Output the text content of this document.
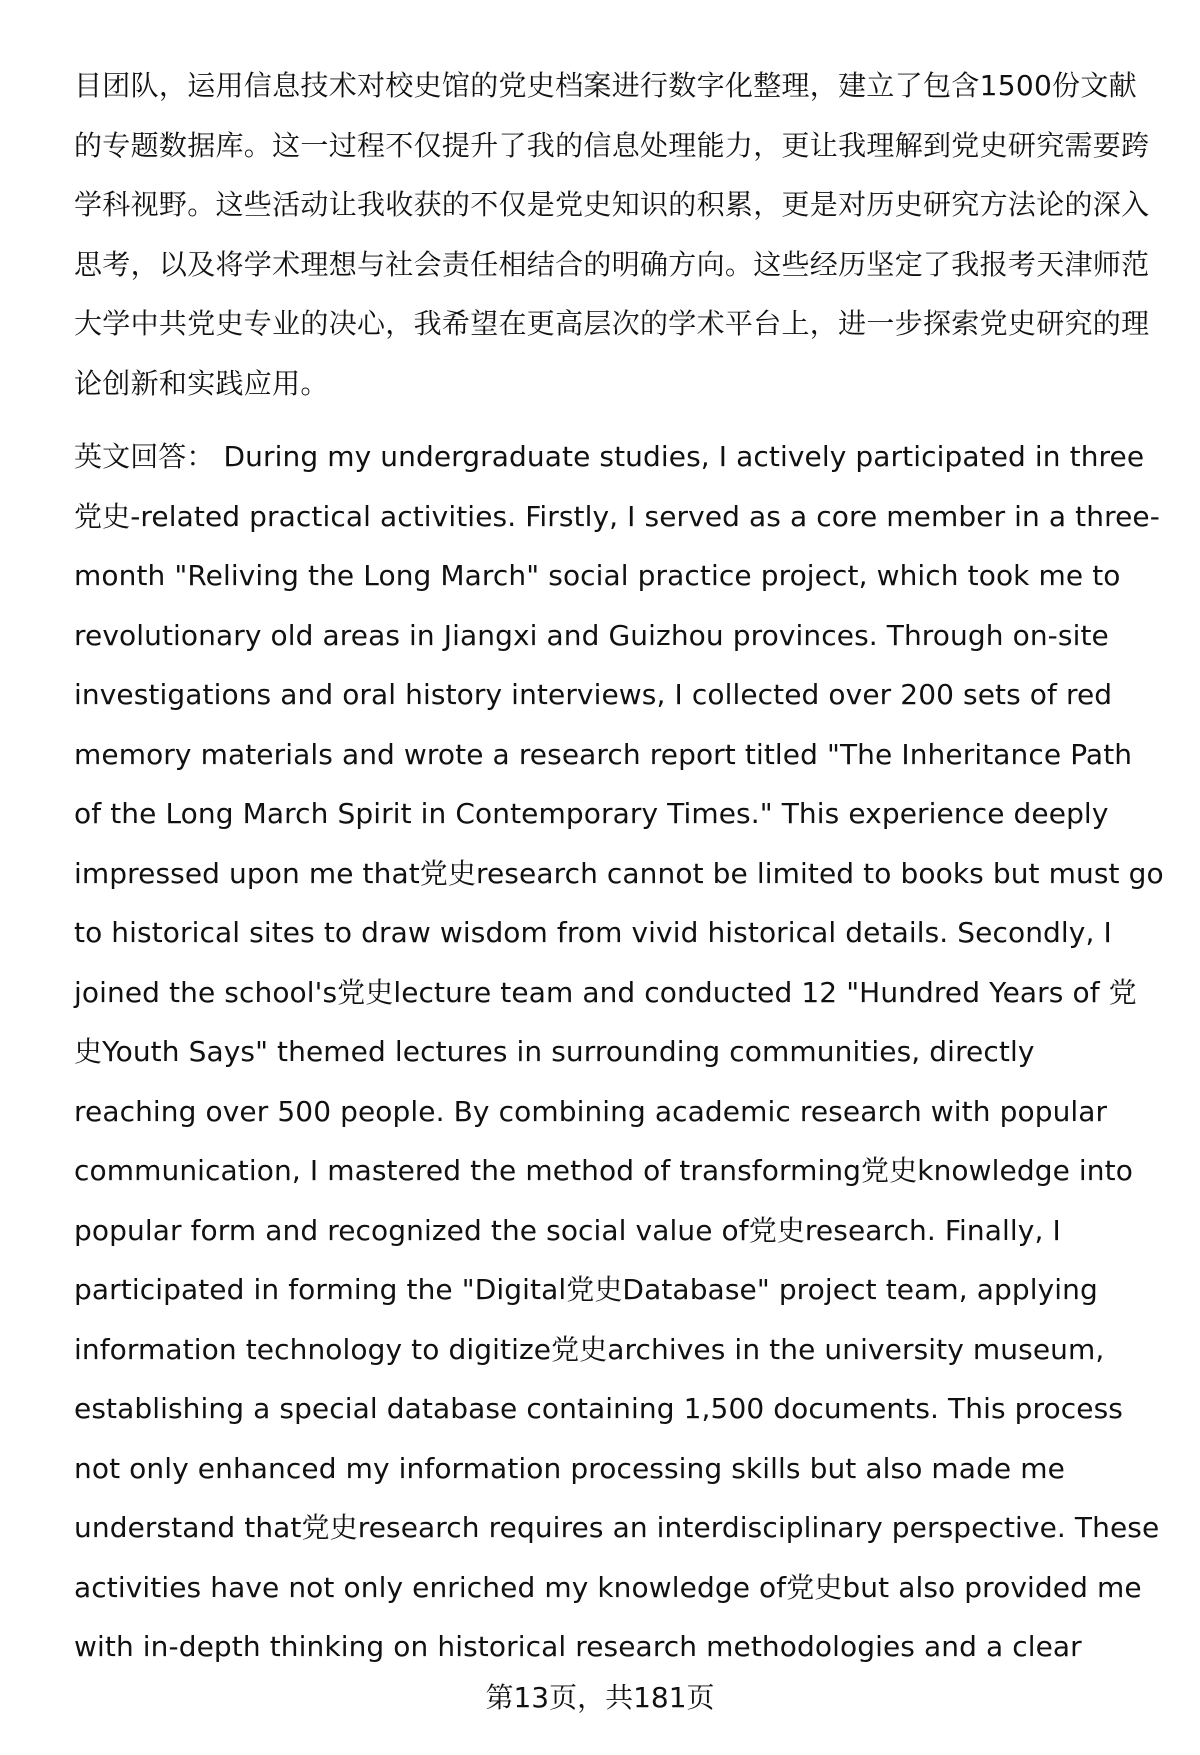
目团队，运用信息技术对校史馆的党史档案进行数字化整理，建立了包含1500份文献的专题数据库。这一过程不仅提升了我的信息处理能力，更让我理解到党史研究需要跨学科视野。这些活动让我收获的不仅是党史知识的积累，更是对历史研究方法论的深入思考，以及将学术理想与社会责任相结合的明确方向。这些经历坚定了我报考天津师范大学中共党史专业的决心，我希望在更高层次的学术平台上，进一步探索党史研究的理论创新和实践应用。

英文回答： During my undergraduate studies, I actively participated in three 党史-related practical activities. Firstly, I served as a core member in a three-month "Reliving the Long March" social practice project, which took me to revolutionary old areas in Jiangxi and Guizhou provinces. Through on-site investigations and oral history interviews, I collected over 200 sets of red memory materials and wrote a research report titled "The Inheritance Path of the Long March Spirit in Contemporary Times." This experience deeply impressed upon me that党史research cannot be limited to books but must go to historical sites to draw wisdom from vivid historical details. Secondly, I joined the school's党史lecture team and conducted 12 "Hundred Years of 党史Youth Says" themed lectures in surrounding communities, directly reaching over 500 people. By combining academic research with popular communication, I mastered the method of transforming党史knowledge into popular form and recognized the social value of党史research. Finally, I participated in forming the "Digital党史Database" project team, applying information technology to digitize党史archives in the university museum, establishing a special database containing 1,500 documents. This process not only enhanced my information processing skills but also made me understand that党史research requires an interdisciplinary perspective. These activities have not only enriched my knowledge of党史but also provided me with in-depth thinking on historical research methodologies and a clear

第13页，共181页
